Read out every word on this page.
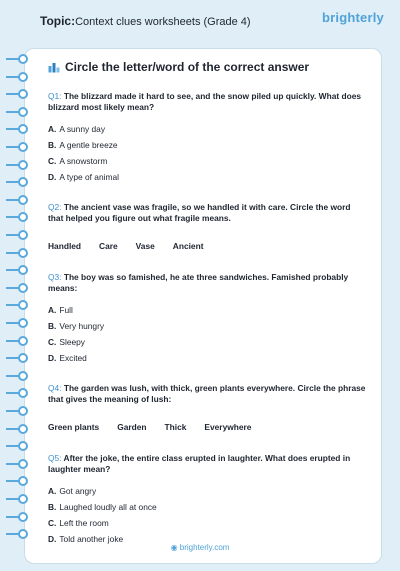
Topic:Context clues worksheets (Grade 4)	brighterly
Circle the letter/word of the correct answer
Q1: The blizzard made it hard to see, and the snow piled up quickly. What does blizzard most likely mean?
A. A sunny day
B. A gentle breeze
C. A snowstorm
D. A type of animal
Q2: The ancient vase was fragile, so we handled it with care. Circle the word that helped you figure out what fragile means.
Handled Care Vase Ancient
Q3: The boy was so famished, he ate three sandwiches. Famished probably means:
A. Full
B. Very hungry
C. Sleepy
D. Excited
Q4: The garden was lush, with thick, green plants everywhere. Circle the phrase that gives the meaning of lush:
Green plants Garden Thick Everywhere
Q5: After the joke, the entire class erupted in laughter. What does erupted in laughter mean?
A. Got angry
B. Laughed loudly all at once
C. Left the room
D. Told another joke
◉ brighterly.com
